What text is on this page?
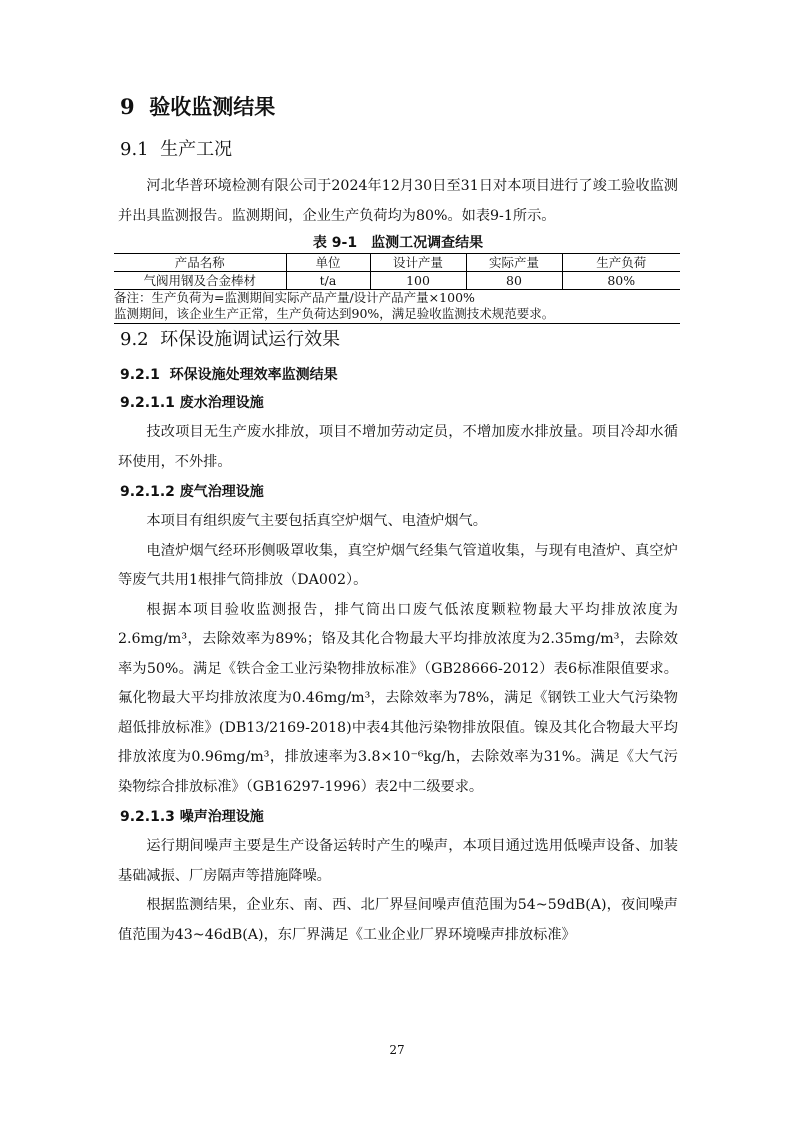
9 验收监测结果
9.1 生产工况

河北华普环境检测有限公司于2024年12月30日至31日对本项目进行了竣工验收监测并出具监测报告。监测期间，企业生产负荷均为80%。如表9-1所示。

表 9-1　监测工况调查结果
产品名称	单位	设计产量	实际产量	生产负荷
气阀用钢及合金棒材	t/a	100	80	80%
备注：生产负荷为=监测期间实际产品产量/设计产品产量×100%
监测期间，该企业生产正常，生产负荷达到90%，满足验收监测技术规范要求。
9.2 环保设施调试运行效果
9.2.1 环保设施处理效率监测结果
9.2.1.1 废水治理设施

技改项目无生产废水排放，项目不增加劳动定员，不增加废水排放量。项目冷却水循环使用，不外排。

9.2.1.2 废气治理设施

本项目有组织废气主要包括真空炉烟气、电渣炉烟气。

电渣炉烟气经环形侧吸罩收集，真空炉烟气经集气管道收集，与现有电渣炉、真空炉等废气共用1根排气筒排放（DA002）。

根据本项目验收监测报告，排气筒出口废气低浓度颗粒物最大平均排放浓度为2.6mg/m³，去除效率为89%；铬及其化合物最大平均排放浓度为2.35mg/m³，去除效率为50%。满足《铁合金工业污染物排放标准》（GB28666-2012）表6标准限值要求。氟化物最大平均排放浓度为0.46mg/m³，去除效率为78%，满足《钢铁工业大气污染物超低排放标准》(DB13/2169-2018)中表4其他污染物排放限值。镍及其化合物最大平均排放浓度为0.96mg/m³，排放速率为3.8×10⁻⁶kg/h，去除效率为31%。满足《大气污染物综合排放标准》（GB16297-1996）表2中二级要求。

9.2.1.3 噪声治理设施

运行期间噪声主要是生产设备运转时产生的噪声，本项目通过选用低噪声设备、加装基础减振、厂房隔声等措施降噪。

根据监测结果，企业东、南、西、北厂界昼间噪声值范围为54~59dB(A)，夜间噪声值范围为43~46dB(A)，东厂界满足《工业企业厂界环境噪声排放标准》

27
